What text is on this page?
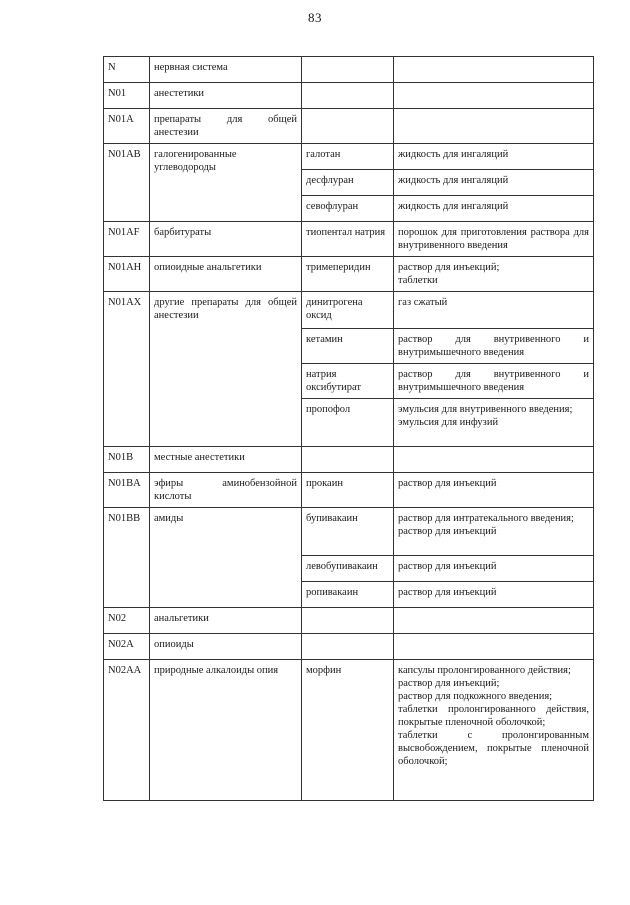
83
N	нервная система		
N01	анестетики		
N01A	препараты для общей анестезии		
N01AB	галогенированные углеводороды	галотан	жидкость для ингаляций
		десфлуран	жидкость для ингаляций
		севофлуран	жидкость для ингаляций
N01AF	барбитураты	тиопентал натрия	порошок для приготовления раствора для внутривенного введения
N01AH	опиоидные анальгетики	тримеперидин	раствор для инъекций;
таблетки

N01AX	другие препараты для общей анестезии	динитрогена оксид	газ сжатый
		кетамин	раствор для внутривенного и внутримышечного введения
		натрия оксибутират	раствор для внутривенного и внутримышечного введения
		пропофол	эмульсия для внутривенного введения;
эмульсия для инфузий

N01B	местные анестетики		
N01BA	эфиры аминобензойной кислоты	прокаин	раствор для инъекций
N01BB	амиды	бупивакаин	раствор для интратекального введения;
раствор для инъекций

		левобупивакаин	раствор для инъекций
		ропивакаин	раствор для инъекций
N02	анальгетики		
N02A	опиоиды		
N02AA	природные алкалоиды опия	морфин	капсулы пролонгированного действия;
раствор для инъекций;
раствор для подкожного введения;
таблетки пролонгированного действия, покрытые пленочной оболочкой;
таблетки с пролонгированным высвобождением, покрытые пленочной оболочкой;
